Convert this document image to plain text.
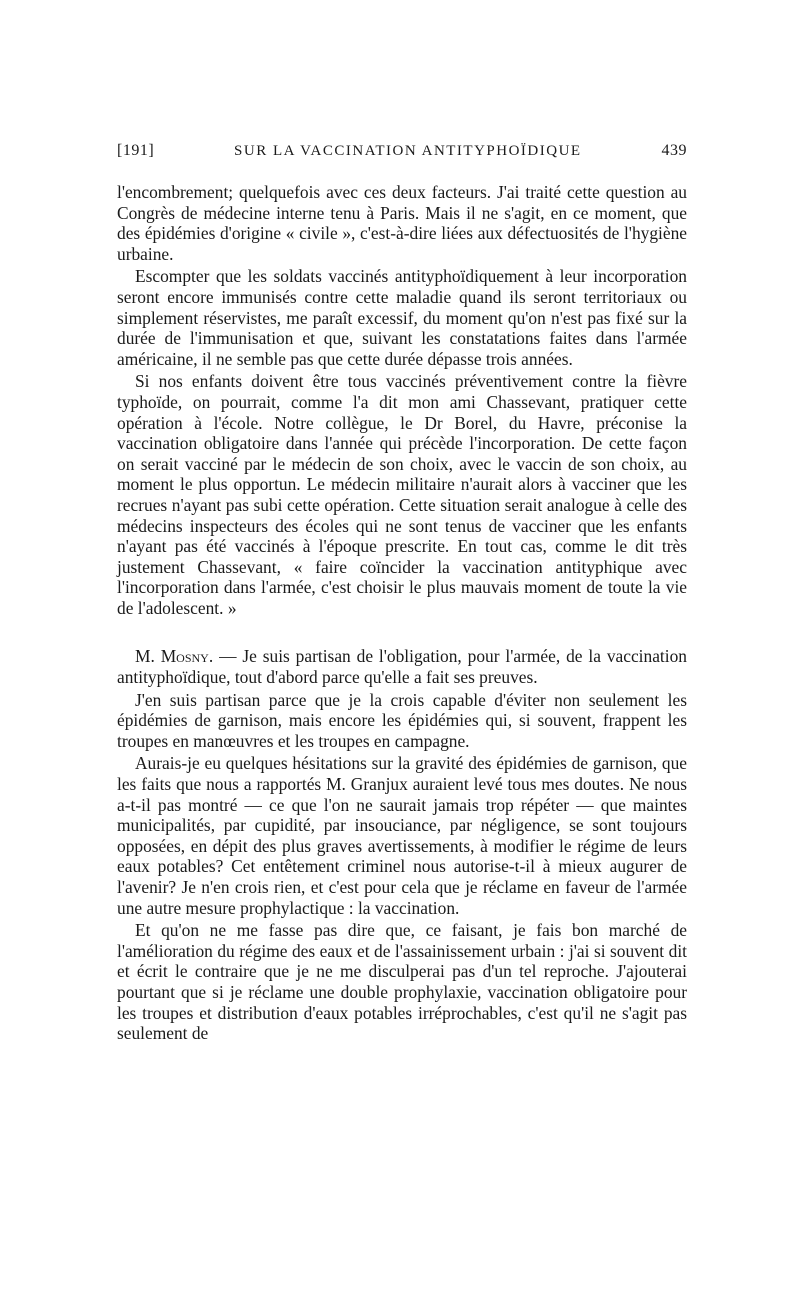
[191]	SUR LA VACCINATION ANTITYPHOÏDIQUE	439

l'encombrement; quelquefois avec ces deux facteurs. J'ai traité cette question au Congrès de médecine interne tenu à Paris. Mais il ne s'agit, en ce moment, que des épidémies d'origine « civile », c'est-à-dire liées aux défectuosités de l'hygiène urbaine.

Escompter que les soldats vaccinés antityphoïdiquement à leur incorporation seront encore immunisés contre cette maladie quand ils seront territoriaux ou simplement réservistes, me paraît excessif, du moment qu'on n'est pas fixé sur la durée de l'immunisation et que, suivant les constatations faites dans l'armée américaine, il ne semble pas que cette durée dépasse trois années.

Si nos enfants doivent être tous vaccinés préventivement contre la fièvre typhoïde, on pourrait, comme l'a dit mon ami Chassevant, pratiquer cette opération à l'école. Notre collègue, le Dr Borel, du Havre, préconise la vaccination obligatoire dans l'année qui précède l'incorporation. De cette façon on serait vacciné par le médecin de son choix, avec le vaccin de son choix, au moment le plus opportun. Le médecin militaire n'aurait alors à vacciner que les recrues n'ayant pas subi cette opération. Cette situation serait analogue à celle des médecins inspecteurs des écoles qui ne sont tenus de vacciner que les enfants n'ayant pas été vaccinés à l'époque prescrite. En tout cas, comme le dit très justement Chassevant, « faire coïncider la vaccination antityphique avec l'incorporation dans l'armée, c'est choisir le plus mauvais moment de toute la vie de l'adolescent. »

M. Mosny. — Je suis partisan de l'obligation, pour l'armée, de la vaccination antityphoïdique, tout d'abord parce qu'elle a fait ses preuves.

J'en suis partisan parce que je la crois capable d'éviter non seulement les épidémies de garnison, mais encore les épidémies qui, si souvent, frappent les troupes en manœuvres et les troupes en campagne.

Aurais-je eu quelques hésitations sur la gravité des épidémies de garnison, que les faits que nous a rapportés M. Granjux auraient levé tous mes doutes. Ne nous a-t-il pas montré — ce que l'on ne saurait jamais trop répéter — que maintes municipalités, par cupidité, par insouciance, par négligence, se sont toujours opposées, en dépit des plus graves avertissements, à modifier le régime de leurs eaux potables? Cet entêtement criminel nous autorise-t-il à mieux augurer de l'avenir? Je n'en crois rien, et c'est pour cela que je réclame en faveur de l'armée une autre mesure prophylactique : la vaccination.

Et qu'on ne me fasse pas dire que, ce faisant, je fais bon marché de l'amélioration du régime des eaux et de l'assainissement urbain : j'ai si souvent dit et écrit le contraire que je ne me disculperai pas d'un tel reproche. J'ajouterai pourtant que si je réclame une double prophylaxie, vaccination obligatoire pour les troupes et distribution d'eaux potables irréprochables, c'est qu'il ne s'agit pas seulement de
